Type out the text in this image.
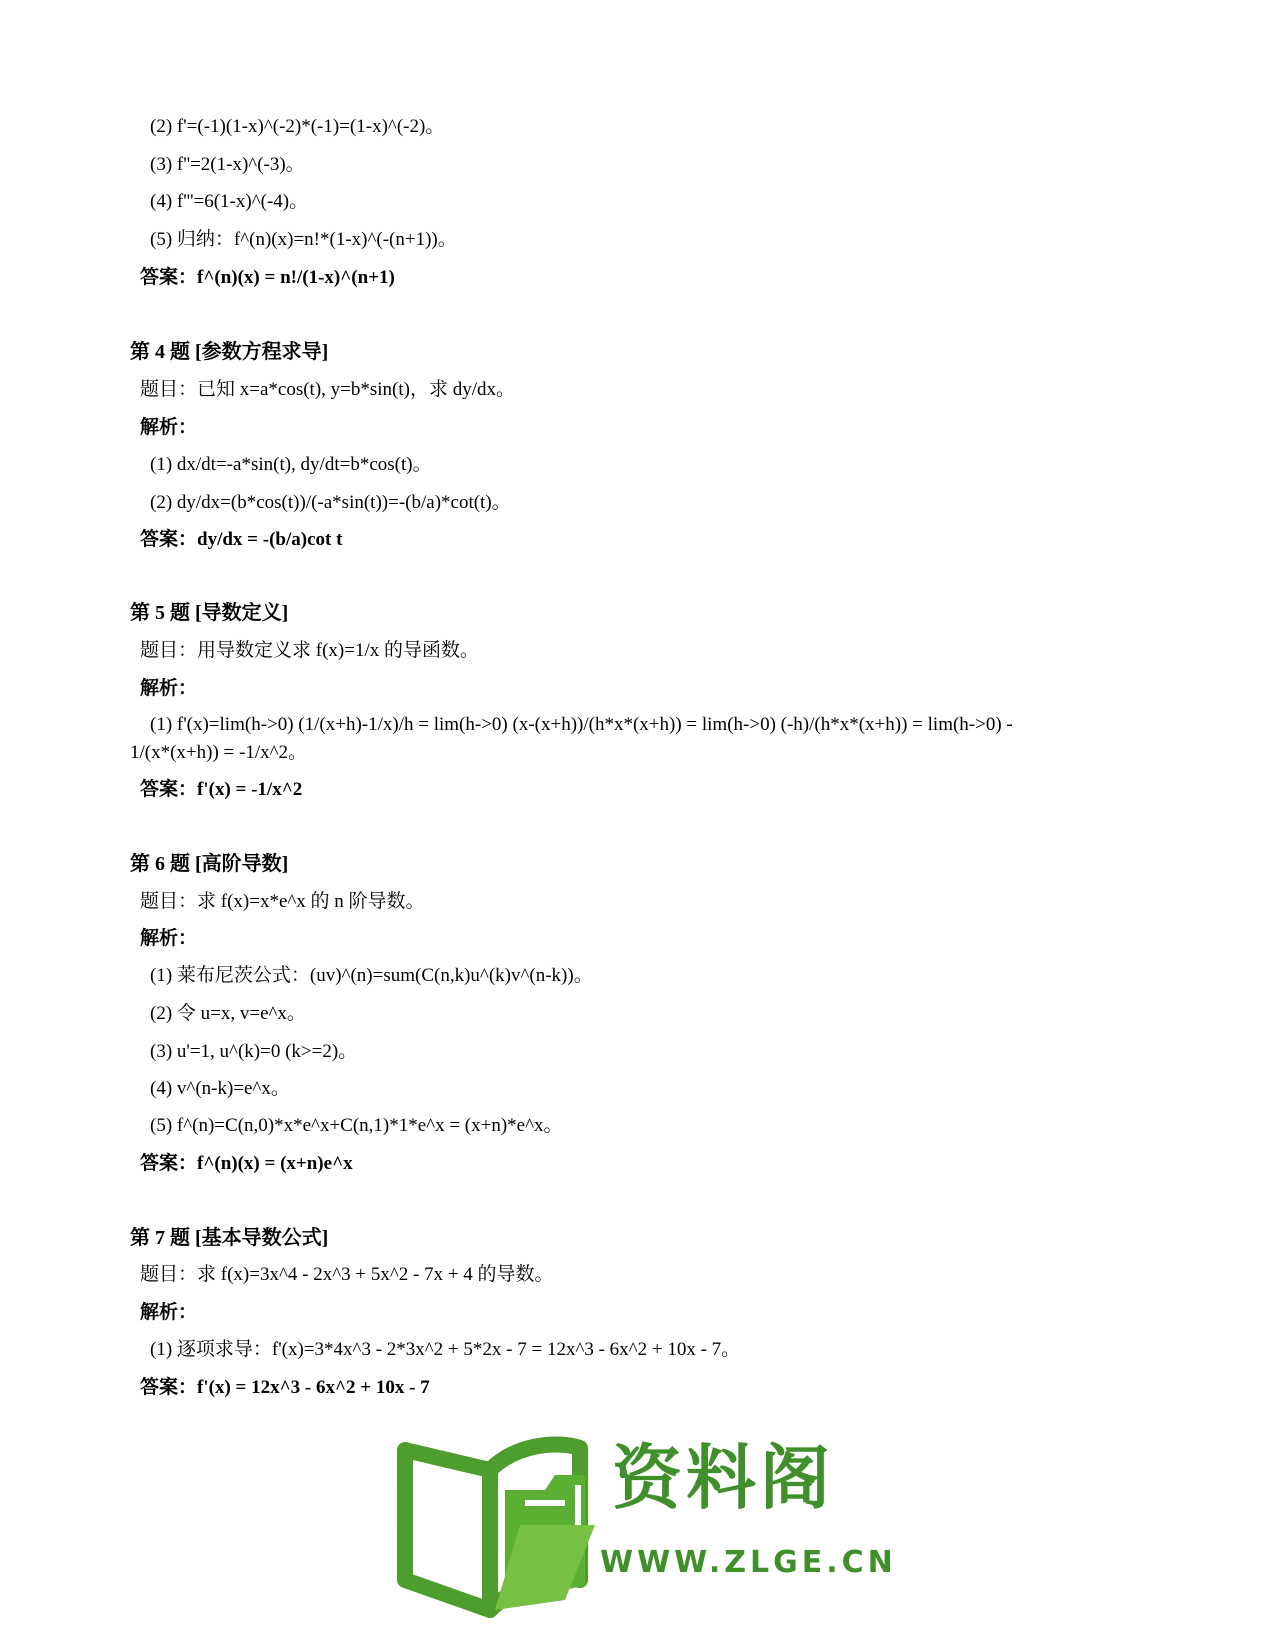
(2) f'=(-1)(1-x)^(-2)*(-1)=(1-x)^(-2)。
(3) f''=2(1-x)^(-3)。
(4) f'''=6(1-x)^(-4)。
(5) 归纳：f^(n)(x)=n!*(1-x)^(-(n+1))。
答案：f^(n)(x) = n!/(1-x)^(n+1)
第 4 题 [参数方程求导]
题目：已知 x=a*cos(t), y=b*sin(t)，求 dy/dx。
解析：
(1) dx/dt=-a*sin(t), dy/dt=b*cos(t)。
(2) dy/dx=(b*cos(t))/(-a*sin(t))=-(b/a)*cot(t)。
答案：dy/dx = -(b/a)cot t
第 5 题 [导数定义]
题目：用导数定义求 f(x)=1/x 的导函数。
解析：
(1) f'(x)=lim(h->0) (1/(x+h)-1/x)/h = lim(h->0) (x-(x+h))/(h*x*(x+h)) = lim(h->0) (-h)/(h*x*(x+h)) = lim(h->0) -
1/(x*(x+h)) = -1/x^2。
答案：f'(x) = -1/x^2
第 6 题 [高阶导数]
题目：求 f(x)=x*e^x 的 n 阶导数。
解析：
(1) 莱布尼茨公式：(uv)^(n)=sum(C(n,k)u^(k)v^(n-k))。
(2) 令 u=x, v=e^x。
(3) u'=1, u^(k)=0 (k>=2)。
(4) v^(n-k)=e^x。
(5) f^(n)=C(n,0)*x*e^x+C(n,1)*1*e^x = (x+n)*e^x。
答案：f^(n)(x) = (x+n)e^x
第 7 题 [基本导数公式]
题目：求 f(x)=3x^4 - 2x^3 + 5x^2 - 7x + 4 的导数。
解析：
(1) 逐项求导：f'(x)=3*4x^3 - 2*3x^2 + 5*2x - 7 = 12x^3 - 6x^2 + 10x - 7。
答案：f'(x) = 12x^3 - 6x^2 + 10x - 7
资料阁
WWW.ZLGE.CN
